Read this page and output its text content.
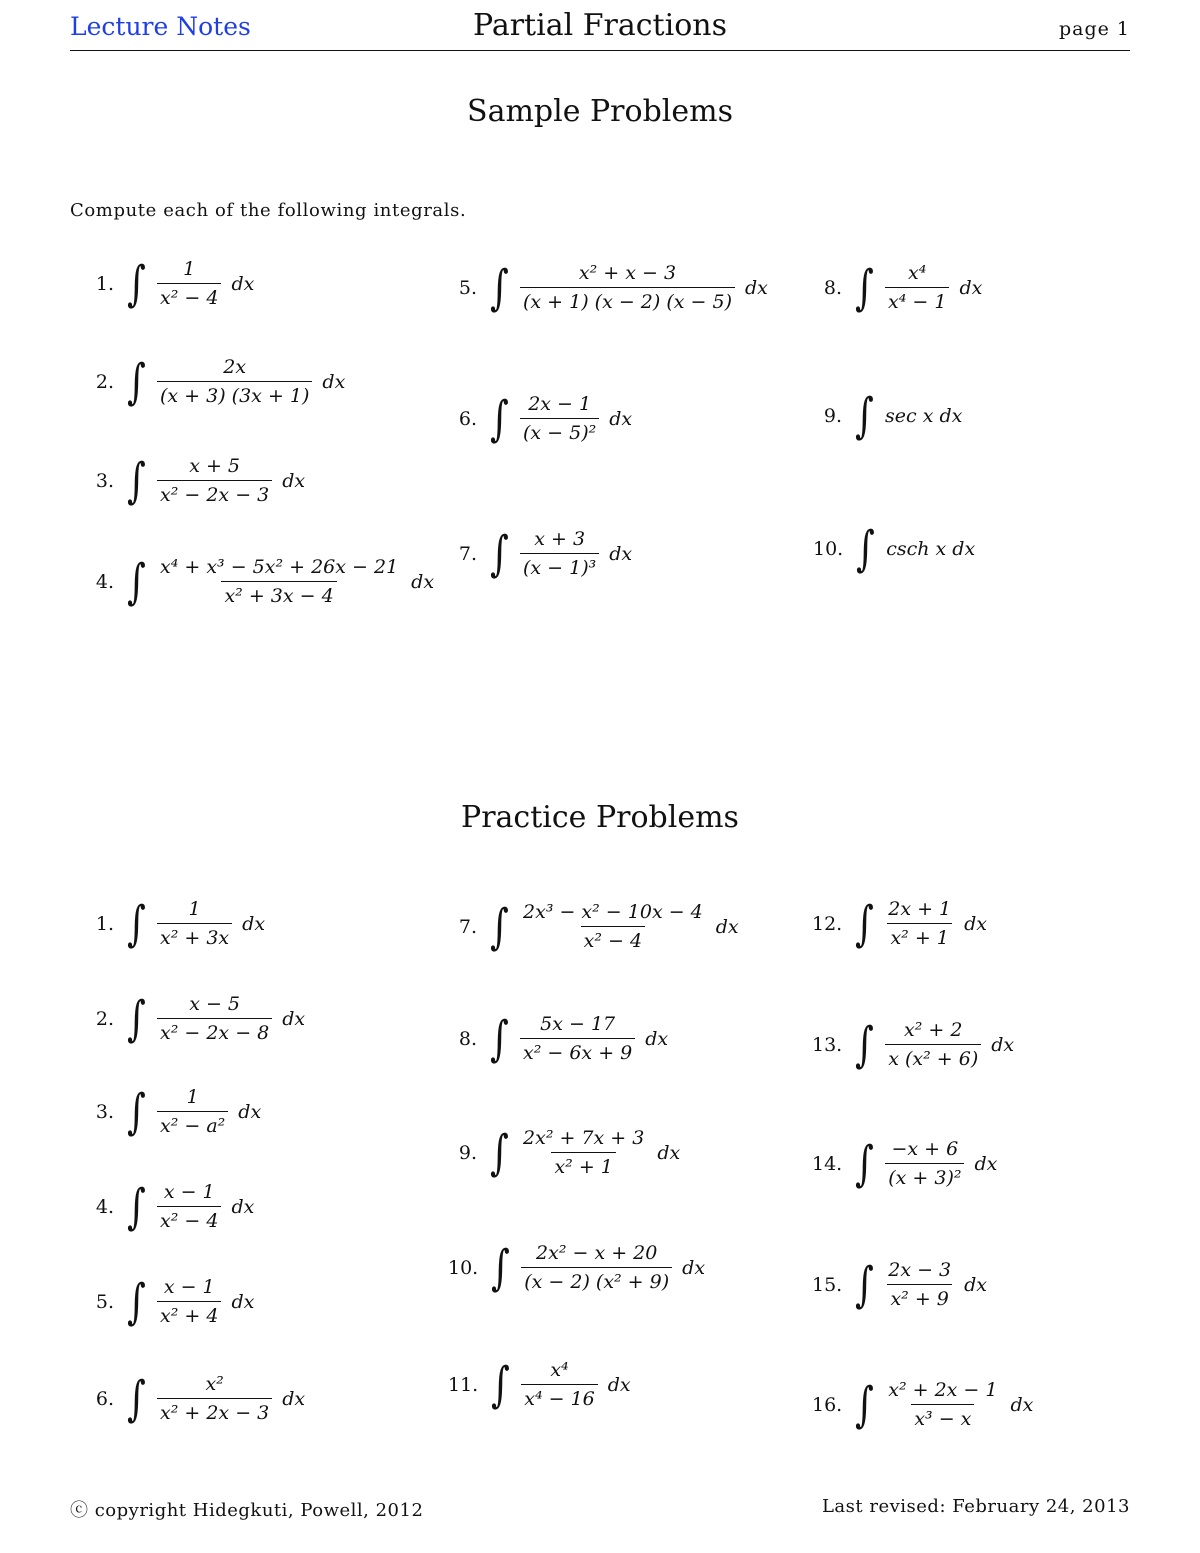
Lecture Notes	Partial Fractions	page 1
Sample Problems
Compute each of the following integrals.
1. ∫ $\frac{1}{\text{x² − 4}}$ dx
2. ∫ $\frac{2x}{(x + 3) (3x + 1)}$ dx
3. ∫ $\frac{x + 5}{\text{x² − 2x − 3}}$ dx
4. ∫ $\frac{\text{x⁴ + x³ − 5x² + 26x − 21}}{\text{x² + 3x − 4}}$ dx
5. ∫ $\frac{\text{x² + x − 3}}{(x + 1) (x - 2) (x - 5)}$ dx
6. ∫ $\frac{2x - 1}{\text{(x − 5)²}}$ dx
7. ∫ $\frac{x + 3}{\text{(x − 1)³}}$ dx
8. ∫ $\frac{\text{x⁴}}{\text{x⁴ − 1}}$ dx
9. ∫ sec x dx
10. ∫ csch x dx
Practice Problems
1. ∫ $\frac{1}{\text{x² + 3x}}$ dx
2. ∫ $\frac{x - 5}{\text{x² − 2x − 8}}$ dx
3. ∫ $\frac{1}{\text{x² − a²}}$ dx
4. ∫ $\frac{x - 1}{\text{x² − 4}}$ dx
5. ∫ $\frac{x - 1}{\text{x² + 4}}$ dx
6. ∫ $\frac{\text{x²}}{\text{x² + 2x − 3}}$ dx
7. ∫ $\frac{\text{2x³ − x² − 10x − 4}}{\text{x² − 4}}$ dx
8. ∫ $\frac{5x - 17}{\text{x² − 6x + 9}}$ dx
9. ∫ $\frac{\text{2x² + 7x + 3}}{\text{x² + 1}}$ dx
10. ∫ $\frac{\text{2x² − x + 20}}{\text{(x − 2) (x² + 9)}}$ dx
11. ∫ $\frac{\text{x⁴}}{\text{x⁴ − 16}}$ dx
12. ∫ $\frac{2x + 1}{\text{x² + 1}}$ dx
13. ∫ $\frac{\text{x² + 2}}{\text{x (x² + 6)}}$ dx
14. ∫ $\frac{-x + 6}{\text{(x + 3)²}}$ dx
15. ∫ $\frac{2x - 3}{\text{x² + 9}}$ dx
16. ∫ $\frac{\text{x² + 2x − 1}}{\text{x³ − x}}$ dx
ⓒ copyright Hidegkuti, Powell, 2012	Last revised: February 24, 2013
